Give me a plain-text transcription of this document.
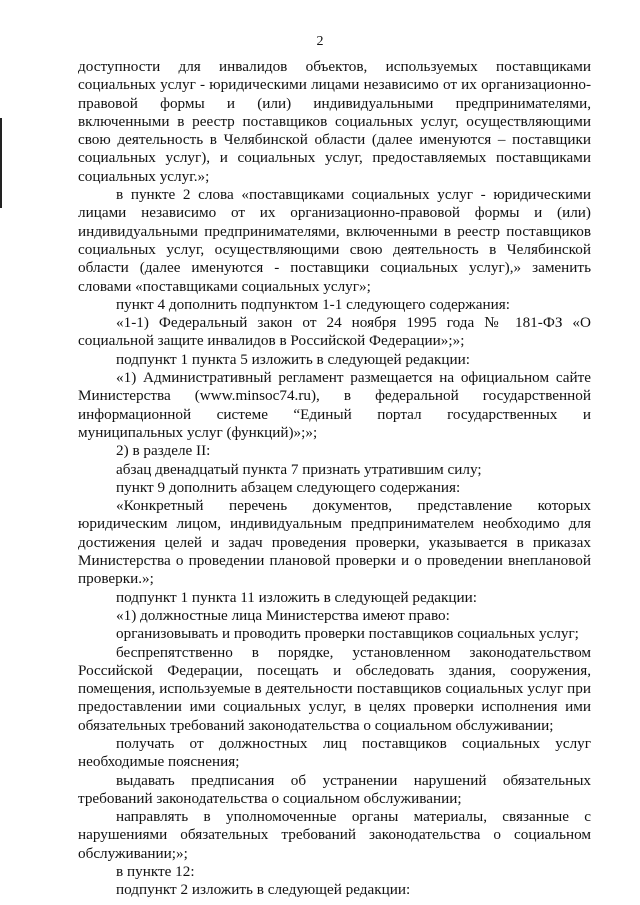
2

доступности для инвалидов объектов, используемых поставщиками социальных услуг - юридическими лицами независимо от их организационно-правовой формы и (или) индивидуальными предпринимателями, включенными в реестр поставщиков социальных услуг, осуществляющими свою деятельность в Челябинской области (далее именуются – поставщики социальных услуг), и социальных услуг, предоставляемых поставщиками социальных услуг.»;

в пункте 2 слова «поставщиками социальных услуг - юридическими лицами независимо от их организационно-правовой формы и (или) индивидуальными предпринимателями, включенными в реестр поставщиков социальных услуг, осуществляющими свою деятельность в Челябинской области (далее именуются - поставщики социальных услуг),» заменить словами «поставщиками социальных услуг»;

пункт 4 дополнить подпунктом 1-1 следующего содержания:

«1-1) Федеральный закон от 24 ноября 1995 года № 181-ФЗ «О социальной защите инвалидов в Российской Федерации»;»;

подпункт 1 пункта 5 изложить в следующей редакции:

«1) Административный регламент размещается на официальном сайте Министерства (www.minsoc74.ru), в федеральной государственной информационной системе “Единый портал государственных и муниципальных услуг (функций)»;»;

2) в разделе II:

абзац двенадцатый пункта 7 признать утратившим силу;

пункт 9 дополнить абзацем следующего содержания:

«Конкретный перечень документов, представление которых юридическим лицом, индивидуальным предпринимателем необходимо для достижения целей и задач проведения проверки, указывается в приказах Министерства о проведении плановой проверки и о проведении внеплановой проверки.»;

подпункт 1 пункта 11 изложить в следующей редакции:

«1) должностные лица Министерства имеют право:

организовывать и проводить проверки поставщиков социальных услуг;

беспрепятственно в порядке, установленном законодательством Российской Федерации, посещать и обследовать здания, сооружения, помещения, используемые в деятельности поставщиков социальных услуг при предоставлении ими социальных услуг, в целях проверки исполнения ими обязательных требований законодательства о социальном обслуживании;

получать от должностных лиц поставщиков социальных услуг необходимые пояснения;

выдавать предписания об устранении нарушений обязательных требований законодательства о социальном обслуживании;

направлять в уполномоченные органы материалы, связанные с нарушениями обязательных требований законодательства о социальном обслуживании;»;

в пункте 12:

подпункт 2 изложить в следующей редакции:
